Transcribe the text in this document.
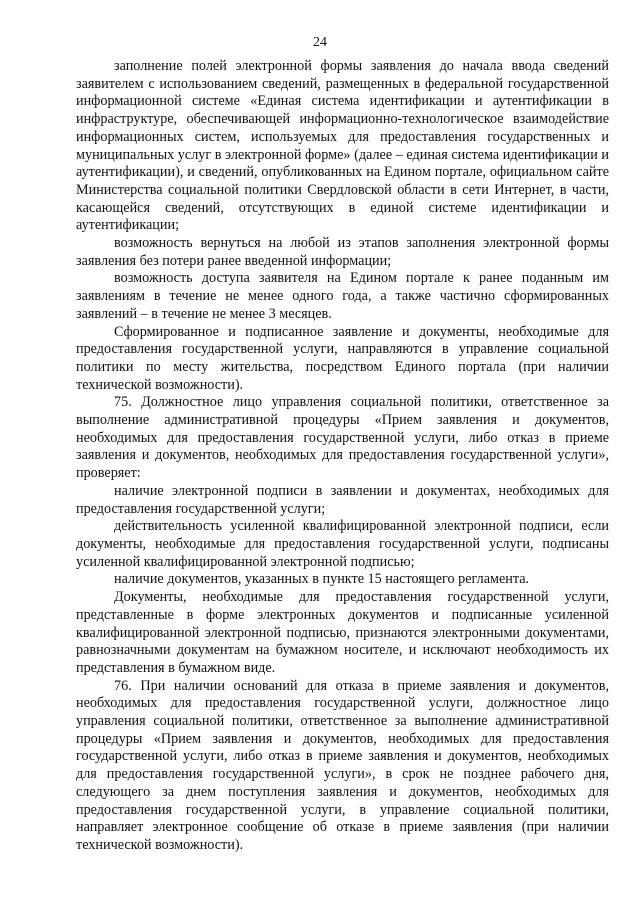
24

заполнение полей электронной формы заявления до начала ввода сведений заявителем с использованием сведений, размещенных в федеральной государственной информационной системе «Единая система идентификации и аутентификации в инфраструктуре, обеспечивающей информационно-технологическое взаимодействие информационных систем, используемых для предоставления государственных и муниципальных услуг в электронной форме» (далее – единая система идентификации и аутентификации), и сведений, опубликованных на Едином портале, официальном сайте Министерства социальной политики Свердловской области в сети Интернет, в части, касающейся сведений, отсутствующих в единой системе идентификации и аутентификации;

возможность вернуться на любой из этапов заполнения электронной формы заявления без потери ранее введенной информации;

возможность доступа заявителя на Едином портале к ранее поданным им заявлениям в течение не менее одного года, а также частично сформированных заявлений – в течение не менее 3 месяцев.

Сформированное и подписанное заявление и документы, необходимые для предоставления государственной услуги, направляются в управление социальной политики по месту жительства, посредством Единого портала (при наличии технической возможности).

75. Должностное лицо управления социальной политики, ответственное за выполнение административной процедуры «Прием заявления и документов, необходимых для предоставления государственной услуги, либо отказ в приеме заявления и документов, необходимых для предоставления государственной услуги», проверяет:

наличие электронной подписи в заявлении и документах, необходимых для предоставления государственной услуги;

действительность усиленной квалифицированной электронной подписи, если документы, необходимые для предоставления государственной услуги, подписаны усиленной квалифицированной электронной подписью;

наличие документов, указанных в пункте 15 настоящего регламента.

Документы, необходимые для предоставления государственной услуги, представленные в форме электронных документов и подписанные усиленной квалифицированной электронной подписью, признаются электронными документами, равнозначными документам на бумажном носителе, и исключают необходимость их представления в бумажном виде.

76. При наличии оснований для отказа в приеме заявления и документов, необходимых для предоставления государственной услуги, должностное лицо управления социальной политики, ответственное за выполнение административной процедуры «Прием заявления и документов, необходимых для предоставления государственной услуги, либо отказ в приеме заявления и документов, необходимых для предоставления государственной услуги», в срок не позднее рабочего дня, следующего за днем поступления заявления и документов, необходимых для предоставления государственной услуги, в управление социальной политики, направляет электронное сообщение об отказе в приеме заявления (при наличии технической возможности).
